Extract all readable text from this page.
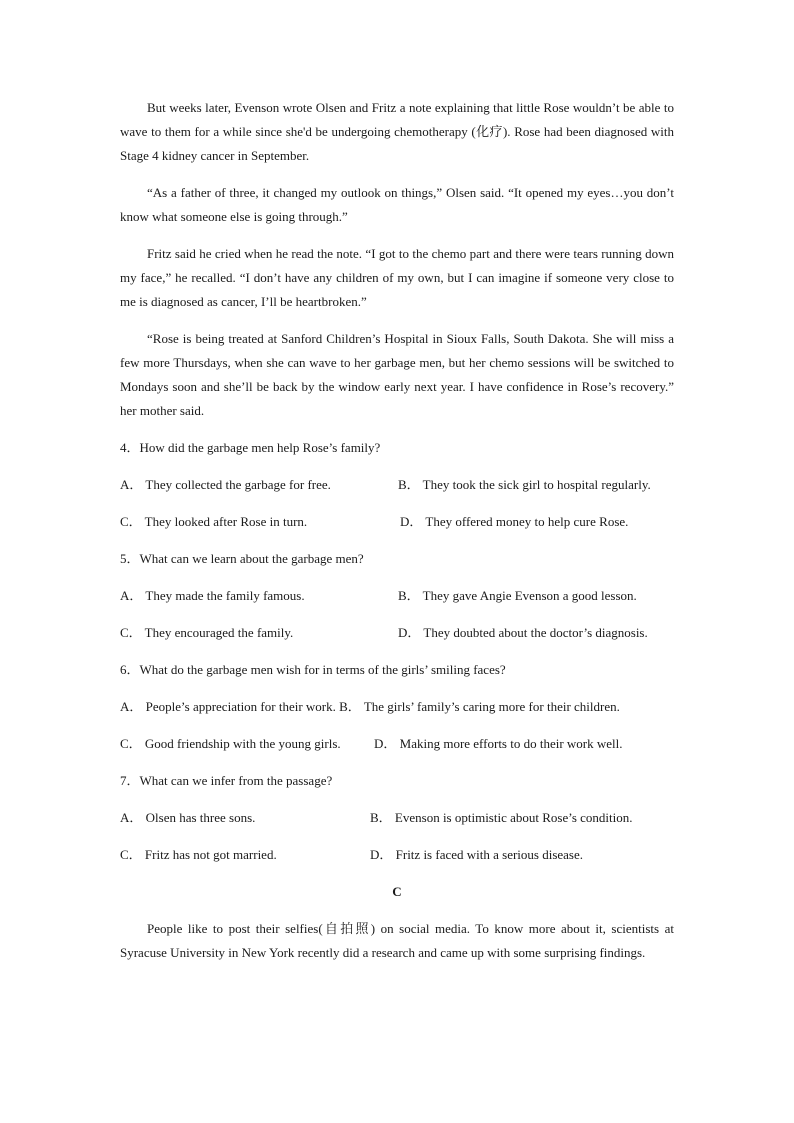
But weeks later, Evenson wrote Olsen and Fritz a note explaining that little Rose wouldn’t be able to wave to them for a while since she'd be undergoing chemotherapy (化疗). Rose had been diagnosed with Stage 4 kidney cancer in September.

“As a father of three, it changed my outlook on things,” Olsen said. “It opened my eyes…you don’t know what someone else is going through.”

Fritz said he cried when he read the note. “I got to the chemo part and there were tears running down my face,” he recalled. “I don’t have any children of my own, but I can imagine if someone very close to me is diagnosed as cancer, I’ll be heartbroken.”

“Rose is being treated at Sanford Children’s Hospital in Sioux Falls, South Dakota. She will miss a few more Thursdays, when she can wave to her garbage men, but her chemo sessions will be switched to Mondays soon and she’ll be back by the window early next year. I have confidence in Rose’s recovery.” her mother said.

4．How did the garbage men help Rose’s family?
A． They collected the garbage for free.	B． They took the sick girl to hospital regularly.
C． They looked after Rose in turn.	D． They offered money to help cure Rose.
5．What can we learn about the garbage men?
A． They made the family famous.	B． They gave Angie Evenson a good lesson.
C． They encouraged the family.	D． They doubted about the doctor’s diagnosis.
6．What do the garbage men wish for in terms of the girls’ smiling faces?
A． People’s appreciation for their work. B． The girls’ family’s caring more for their children.
C． Good friendship with the young girls.	D． Making more efforts to do their work well.
7．What can we infer from the passage?
A． Olsen has three sons.	B． Evenson is optimistic about Rose’s condition.
C． Fritz has not got married.	D． Fritz is faced with a serious disease.
C

People like to post their selfies(自拍照) on social media. To know more about it, scientists at Syracuse University in New York recently did a research and came up with some surprising findings.
